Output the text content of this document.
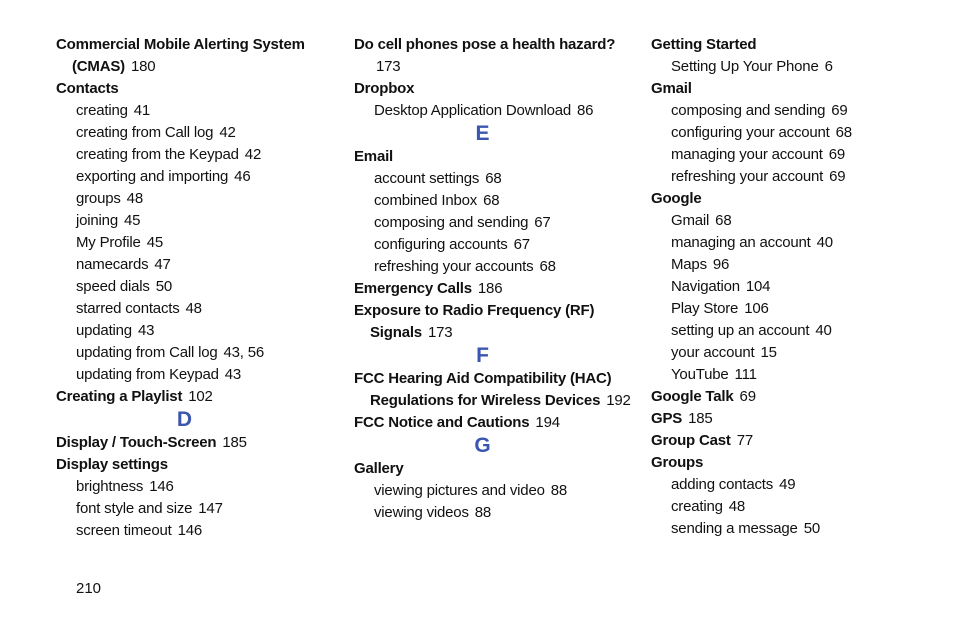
Commercial Mobile Alerting System (CMAS) 180
Contacts
creating 41
creating from Call log 42
creating from the Keypad 42
exporting and importing 46
groups 48
joining 45
My Profile 45
namecards 47
speed dials 50
starred contacts 48
updating 43
updating from Call log 43, 56
updating from Keypad 43
Creating a Playlist 102
D
Display / Touch-Screen 185
Display settings
brightness 146
font style and size 147
screen timeout 146
Do cell phones pose a health hazard?173
Dropbox
Desktop Application Download 86
E
Email
account settings 68
combined Inbox 68
composing and sending 67
configuring accounts 67
refreshing your accounts 68
Emergency Calls 186
Exposure to Radio Frequency (RF) Signals 173
F
FCC Hearing Aid Compatibility (HAC) Regulations for Wireless Devices 192
FCC Notice and Cautions 194
G
Gallery
viewing pictures and video 88
viewing videos 88
Getting Started
Setting Up Your Phone 6
Gmail
composing and sending 69
configuring your account 68
managing your account 69
refreshing your account 69
Google
Gmail 68
managing an account 40
Maps 96
Navigation 104
Play Store 106
setting up an account 40
your account 15
YouTube 111
Google Talk 69
GPS 185
Group Cast 77
Groups
adding contacts 49
creating 48
sending a message 50
210
